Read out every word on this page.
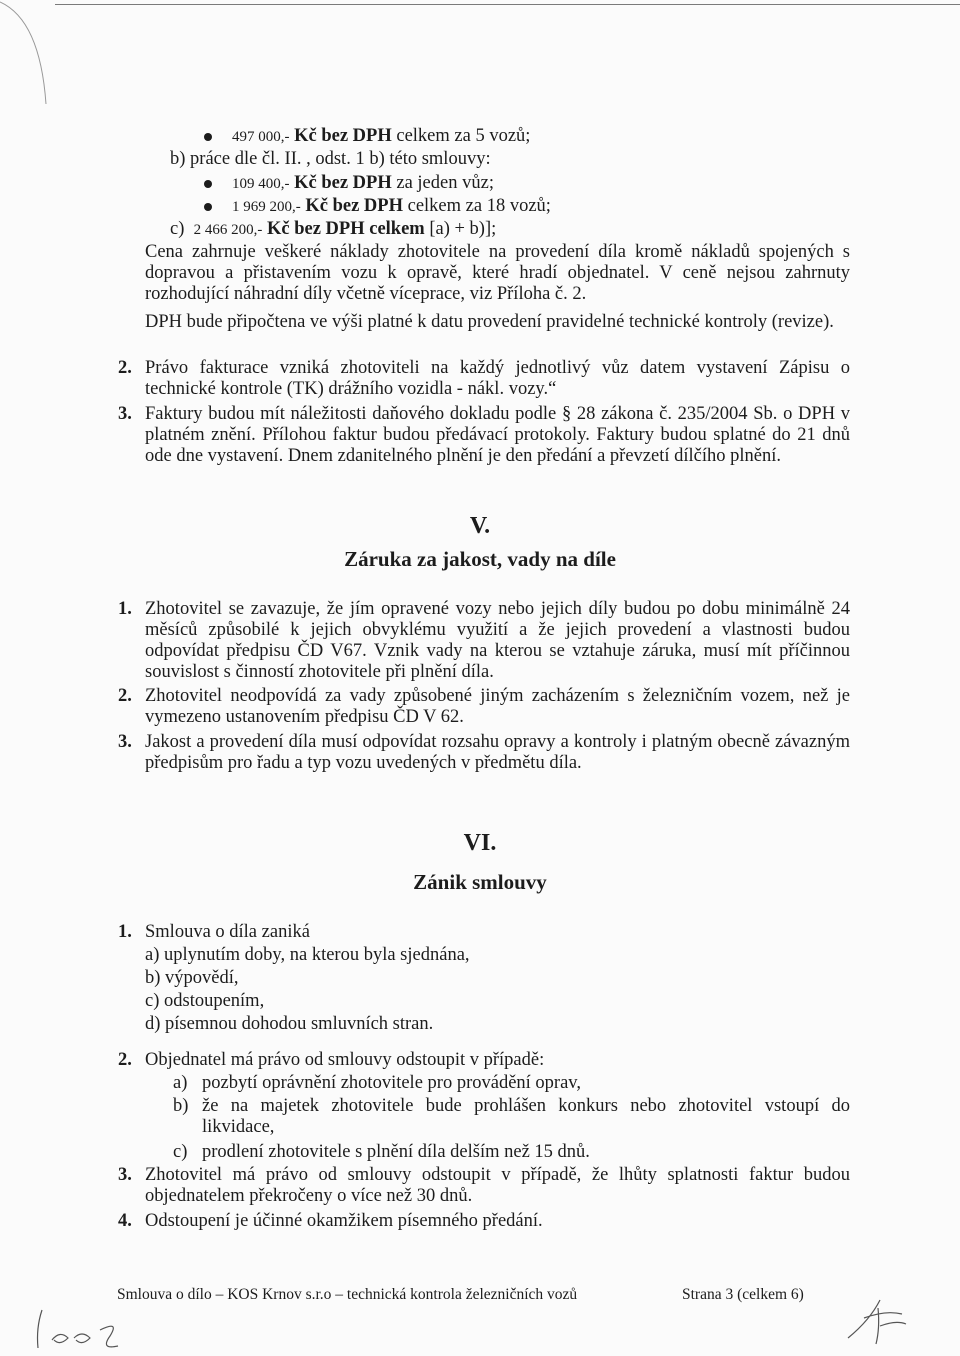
497 000,- Kč bez DPH celkem za 5 vozů;
b) práce dle čl. II. , odst. 1 b) této smlouvy:
109 400,- Kč bez DPH za jeden vůz;
1 969 200,- Kč bez DPH celkem za 18 vozů;
c) 2 466 200,- Kč bez DPH celkem [a) + b)];
Cena zahrnuje veškeré náklady zhotovitele na provedení díla kromě nákladů spojených s dopravou a přistavením vozu k opravě, které hradí objednatel. V ceně nejsou zahrnuty rozhodující náhradní díly včetně víceprace, viz Příloha č. 2.
DPH bude připočtena ve výši platné k datu provedení pravidelné technické kontroly (revize).
2. Právo fakturace vzniká zhotoviteli na každý jednotlivý vůz datem vystavení Zápisu o technické kontrole (TK) drážního vozidla - nákl. vozy.“
3. Faktury budou mít náležitosti daňového dokladu podle § 28 zákona č. 235/2004 Sb. o DPH v platném znění. Přílohou faktur budou předávací protokoly. Faktury budou splatné do 21 dnů ode dne vystavení. Dnem zdanitelného plnění je den předání a převzetí dílčího plnění.
V.
Záruka za jakost, vady na díle
1. Zhotovitel se zavazuje, že jím opravené vozy nebo jejich díly budou po dobu minimálně 24 měsíců způsobilé k jejich obvyklému využití a že jejich provedení a vlastnosti budou odpovídat předpisu ČD V67. Vznik vady na kterou se vztahuje záruka, musí mít příčinnou souvislost s činností zhotovitele při plnění díla.
2. Zhotovitel neodpovídá za vady způsobené jiným zacházením s železničním vozem, než je vymezeno ustanovením předpisu ČD V 62.
3. Jakost a provedení díla musí odpovídat rozsahu opravy a kontroly i platným obecně závazným předpisům pro řadu a typ vozu uvedených v předmětu díla.
VI.
Zánik smlouvy
1. Smlouva o díla zaniká
a) uplynutím doby, na kterou byla sjednána,
b) výpovědí,
c) odstoupením,
d) písemnou dohodou smluvních stran.
2. Objednatel má právo od smlouvy odstoupit v případě:
a) pozbytí oprávnění zhotovitele pro provádění oprav,
b) že na majetek zhotovitele bude prohlášen konkurs nebo zhotovitel vstoupí do likvidace,
c) prodlení zhotovitele s plnění díla delším než 15 dnů.
3. Zhotovitel má právo od smlouvy odstoupit v případě, že lhůty splatnosti faktur budou objednatelem překročeny o více než 30 dnů.
4. Odstoupení je účinné okamžikem písemného předání.
Smlouva o dílo – KOS Krnov s.r.o – technická kontrola železničních vozů	Strana 3 (celkem 6)
